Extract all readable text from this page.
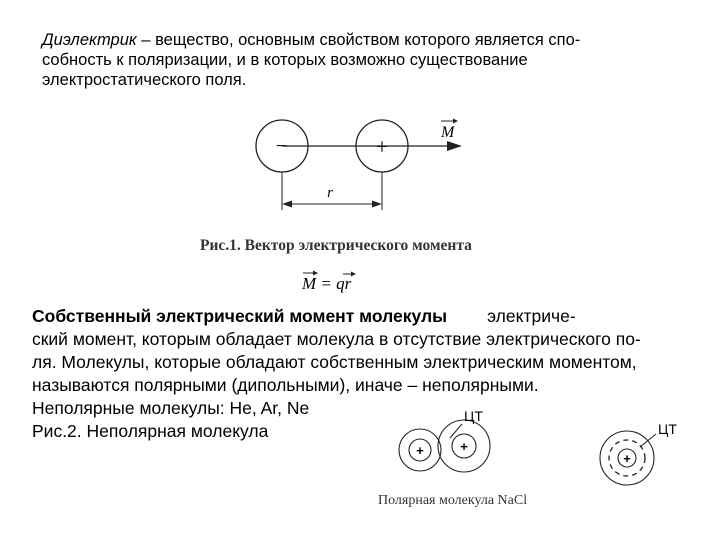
Диэлектрик – вещество, основным свойством которого является спо-
собность к поляризации, и в которых возможно существование
электростатического поля.
−	+
M
r
Рис.1. Вектор электрического момента
M = qr
+	+
ЦТ
Полярная молекула NaCl
+
ЦТ
Собственный электрический момент молекулы электриче-
ский момент, которым обладает молекула в отсутствие электрического по-
ля. Молекулы, которые обладают собственным электрическим моментом,
называются полярными (дипольными), иначе – неполярными.
Неполярные молекулы: He, Ar, Ne
Рис.2. Неполярная молекула
